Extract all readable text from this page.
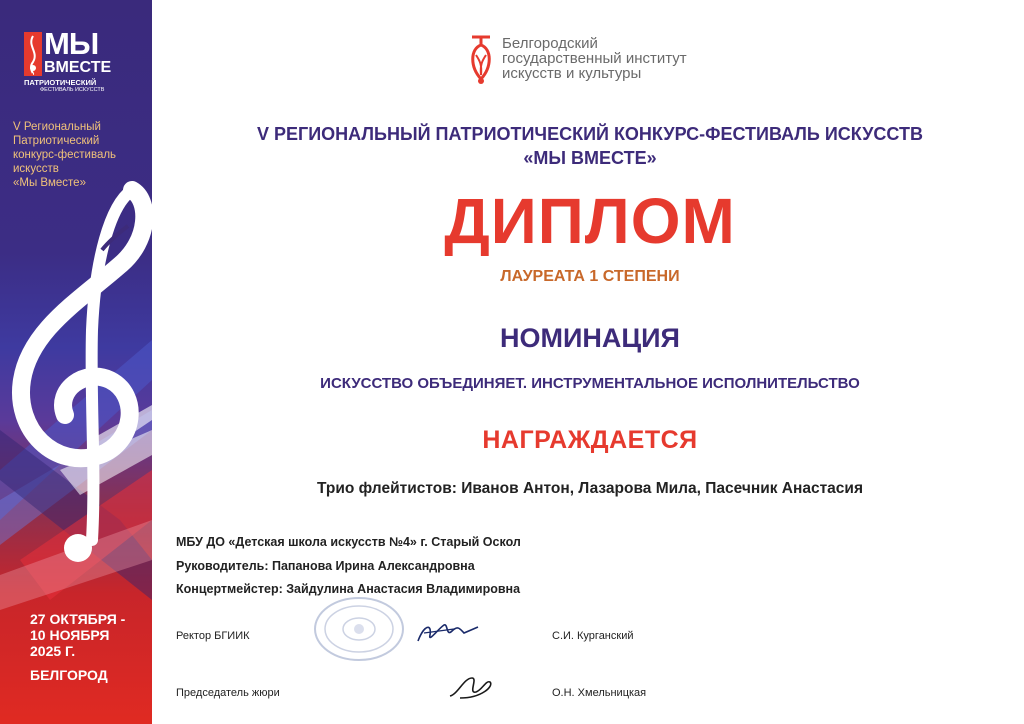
МЫ
ВМЕСТЕ
ПАТРИОТИЧЕСКИЙ
ФЕСТИВАЛЬ ИСКУССТВ
V Региональный
Патриотический
конкурс-фестиваль
искусств
«Мы Вместе»
27 ОКТЯБРЯ -
10 НОЯБРЯ
2025 Г.
БЕЛГОРОД
Белгородский
государственный институт
искусств и культуры
V РЕГИОНАЛЬНЫЙ ПАТРИОТИЧЕСКИЙ КОНКУРС-ФЕСТИВАЛЬ ИСКУССТВ
«МЫ ВМЕСТЕ»
ДИПЛОМ
ЛАУРЕАТА 1 СТЕПЕНИ
НОМИНАЦИЯ
ИСКУССТВО ОБЪЕДИНЯЕТ. ИНСТРУМЕНТАЛЬНОЕ ИСПОЛНИТЕЛЬСТВО
НАГРАЖДАЕТСЯ
Трио флейтистов: Иванов Антон, Лазарова Мила, Пасечник Анастасия
МБУ ДО «Детская школа искусств №4» г. Старый Оскол
Руководитель: Папанова Ирина Александровна
Концертмейстер: Зайдулина Анастасия Владимировна
Ректор БГИИК	С.И. Курганский
Председатель жюри	О.Н. Хмельницкая
